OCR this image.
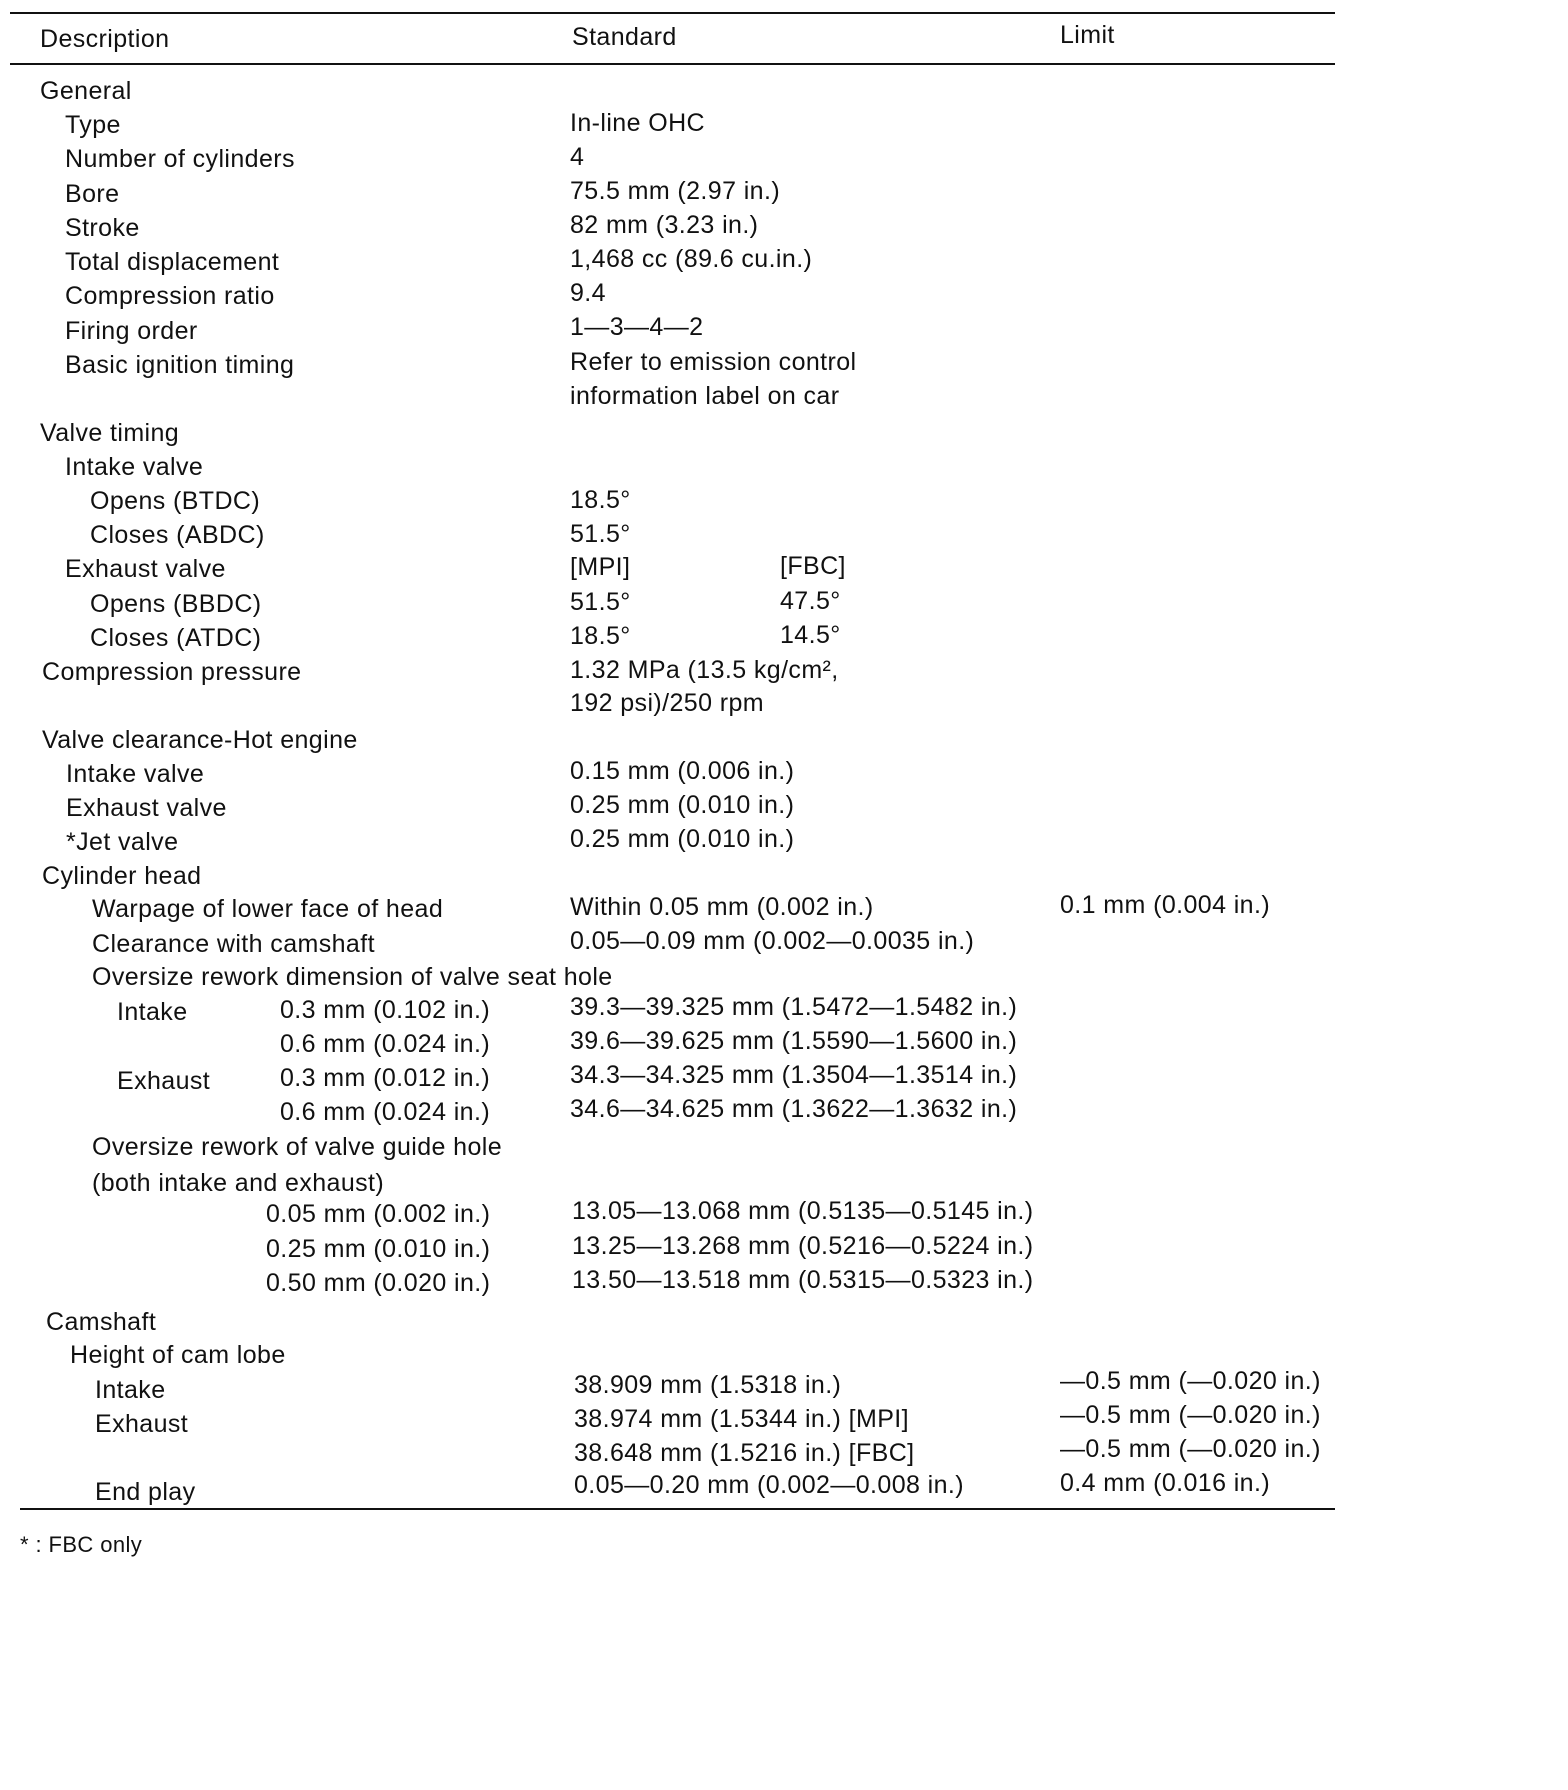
Description	Standard	Limit
General
Type	In-line OHC
Number of cylinders	4
Bore	75.5 mm (2.97 in.)
Stroke	82 mm (3.23 in.)
Total displacement	1,468 cc (89.6 cu.in.)
Compression ratio	9.4
Firing order	1—3—4—2
Basic ignition timing	Refer to emission control
information label on car
Valve timing
Intake valve
Opens (BTDC)	18.5°
Closes (ABDC)	51.5°
Exhaust valve	[MPI]	[FBC]
Opens (BBDC)	51.5°	47.5°
Closes (ATDC)	18.5°	14.5°
Compression pressure	1.32 MPa (13.5 kg/cm²,
192 psi)/250 rpm
Valve clearance-Hot engine
Intake valve	0.15 mm (0.006 in.)
Exhaust valve	0.25 mm (0.010 in.)
*Jet valve	0.25 mm (0.010 in.)
Cylinder head
Warpage of lower face of head	Within 0.05 mm (0.002 in.)	0.1 mm (0.004 in.)
Clearance with camshaft	0.05—0.09 mm (0.002—0.0035 in.)
Oversize rework dimension of valve seat hole
Intake	0.3 mm (0.102 in.)	39.3—39.325 mm (1.5472—1.5482 in.)
0.6 mm (0.024 in.)	39.6—39.625 mm (1.5590—1.5600 in.)
Exhaust	0.3 mm (0.012 in.)	34.3—34.325 mm (1.3504—1.3514 in.)
0.6 mm (0.024 in.)	34.6—34.625 mm (1.3622—1.3632 in.)
Oversize rework of valve guide hole
(both intake and exhaust)
0.05 mm (0.002 in.)	13.05—13.068 mm (0.5135—0.5145 in.)
0.25 mm (0.010 in.)	13.25—13.268 mm (0.5216—0.5224 in.)
0.50 mm (0.020 in.)	13.50—13.518 mm (0.5315—0.5323 in.)
Camshaft
Height of cam lobe
Intake	38.909 mm (1.5318 in.)	—0.5 mm (—0.020 in.)
Exhaust	38.974 mm (1.5344 in.) [MPI]	—0.5 mm (—0.020 in.)
38.648 mm (1.5216 in.) [FBC]	—0.5 mm (—0.020 in.)
End play	0.05—0.20 mm (0.002—0.008 in.)	0.4 mm (0.016 in.)
* : FBC only
